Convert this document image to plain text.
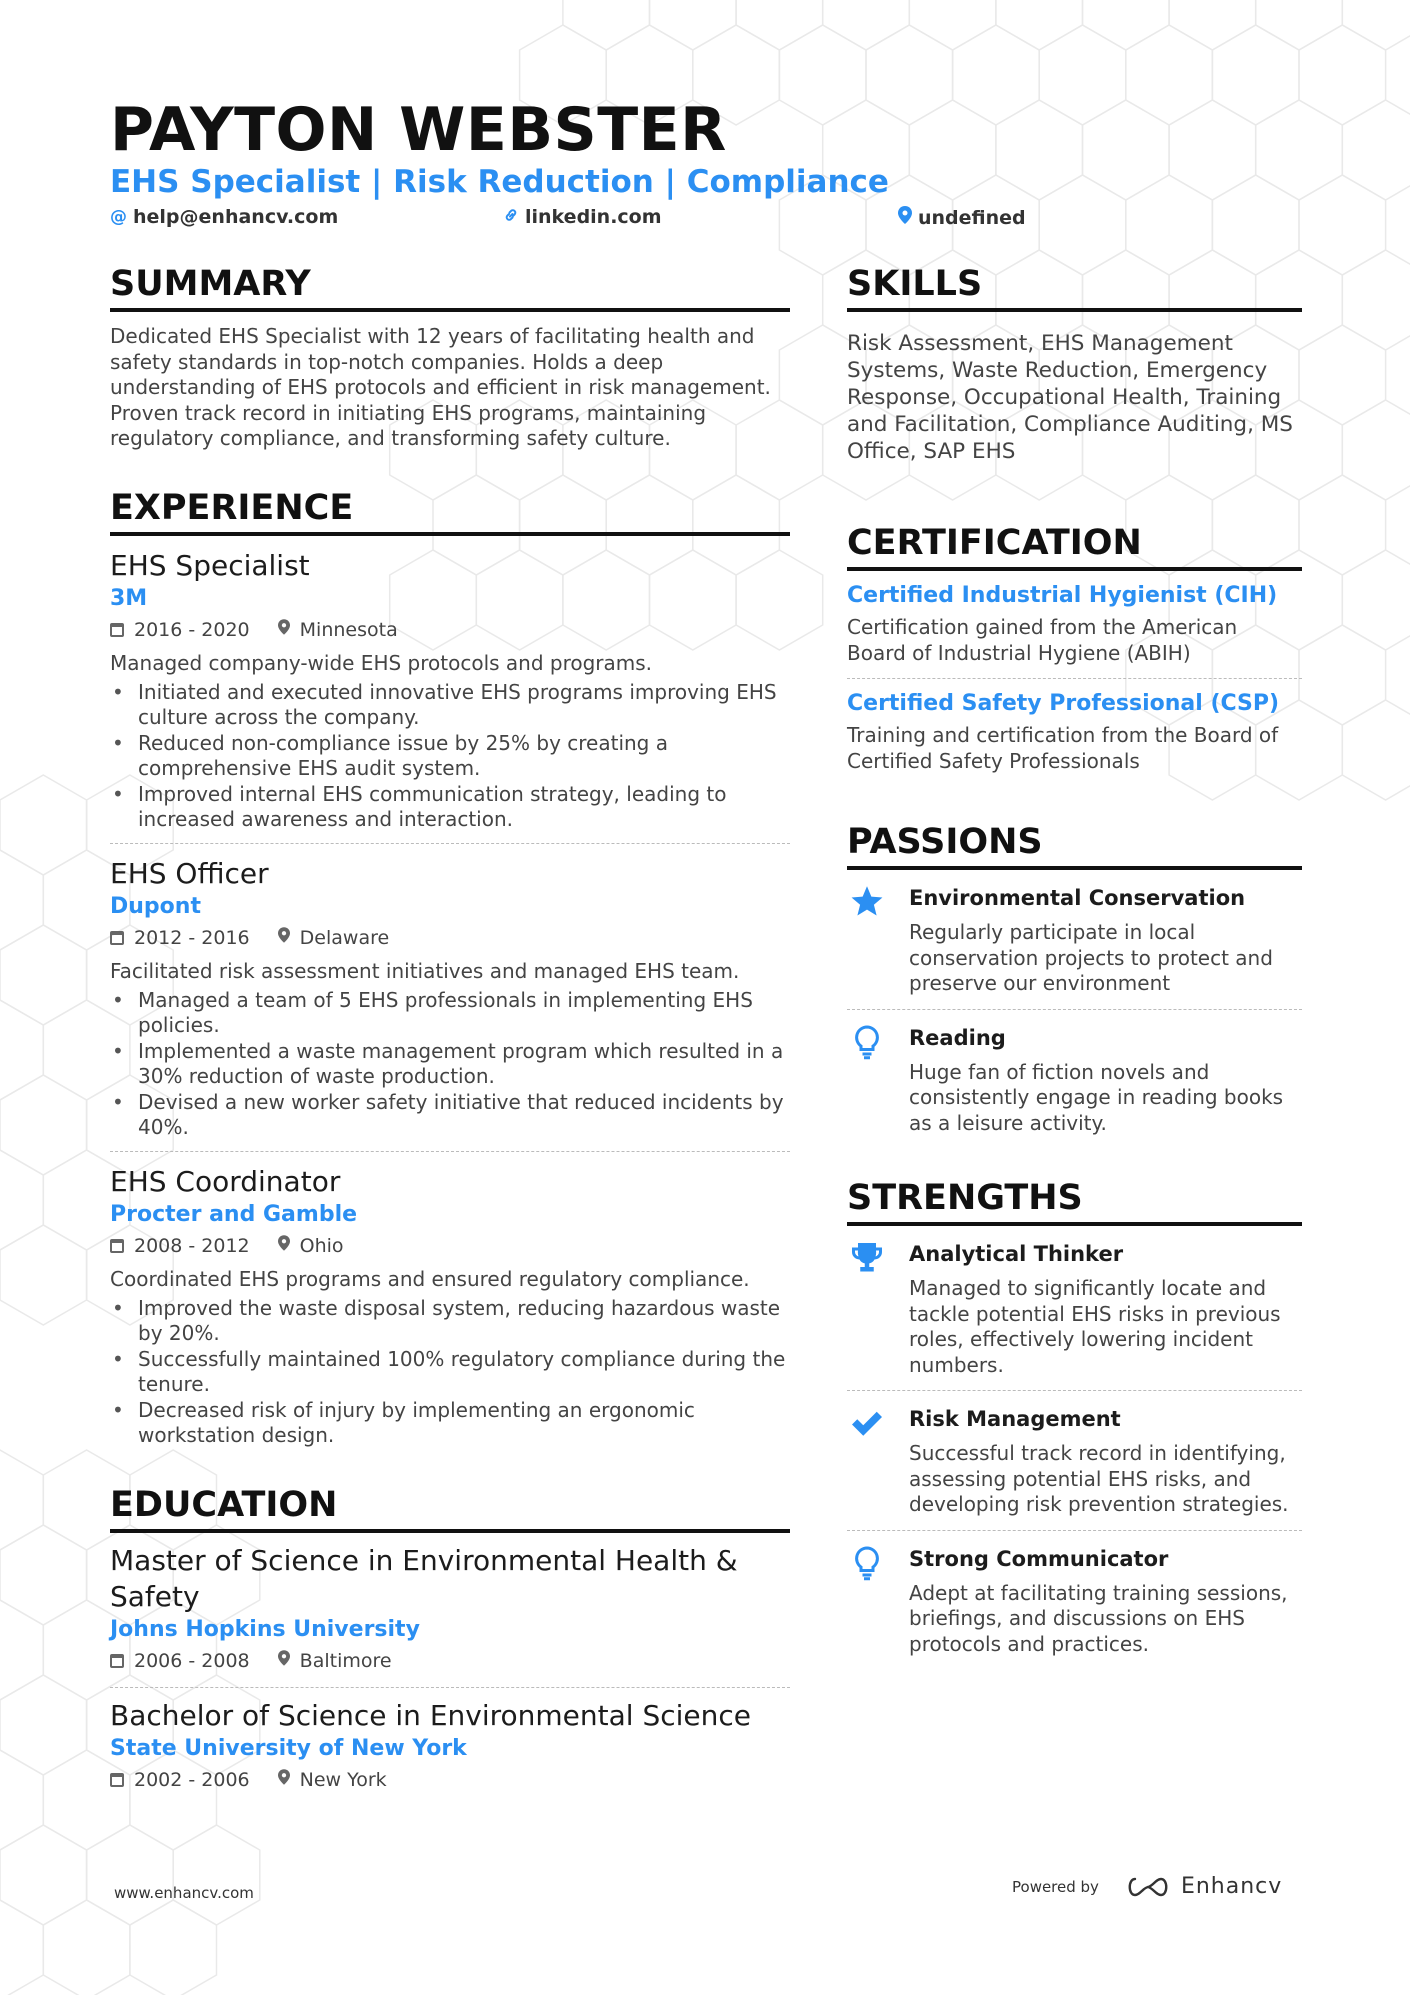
PAYTON WEBSTER
EHS Specialist | Risk Reduction | Compliance
@ help@enhancv.com	linkedin.com	undefined
SUMMARY
Dedicated EHS Specialist with 12 years of facilitating health and safety standards in top-notch companies. Holds a deep understanding of EHS protocols and efficient in risk management. Proven track record in initiating EHS programs, maintaining regulatory compliance, and transforming safety culture.
EXPERIENCE
EHS Specialist
3M
2016 - 2020	Minnesota
Managed company-wide EHS protocols and programs.
• Initiated and executed innovative EHS programs improving EHS culture across the company.
• Reduced non-compliance issue by 25% by creating a comprehensive EHS audit system.
• Improved internal EHS communication strategy, leading to increased awareness and interaction.
EHS Officer
Dupont
2012 - 2016	Delaware
Facilitated risk assessment initiatives and managed EHS team.
• Managed a team of 5 EHS professionals in implementing EHS policies.
• Implemented a waste management program which resulted in a 30% reduction of waste production.
• Devised a new worker safety initiative that reduced incidents by 40%.
EHS Coordinator
Procter and Gamble
2008 - 2012	Ohio
Coordinated EHS programs and ensured regulatory compliance.
• Improved the waste disposal system, reducing hazardous waste by 20%.
• Successfully maintained 100% regulatory compliance during the tenure.
• Decreased risk of injury by implementing an ergonomic workstation design.
EDUCATION
Master of Science in Environmental Health & Safety
Johns Hopkins University
2006 - 2008	Baltimore
Bachelor of Science in Environmental Science
State University of New York
2002 - 2006	New York
SKILLS
Risk Assessment, EHS Management Systems, Waste Reduction, Emergency Response, Occupational Health, Training and Facilitation, Compliance Auditing, MS Office, SAP EHS
CERTIFICATION
Certified Industrial Hygienist (CIH)
Certification gained from the American Board of Industrial Hygiene (ABIH)
Certified Safety Professional (CSP)
Training and certification from the Board of Certified Safety Professionals
PASSIONS
Environmental Conservation
Regularly participate in local conservation projects to protect and preserve our environment
Reading
Huge fan of fiction novels and consistently engage in reading books as a leisure activity.
STRENGTHS
Analytical Thinker
Managed to significantly locate and tackle potential EHS risks in previous roles, effectively lowering incident numbers.
Risk Management
Successful track record in identifying, assessing potential EHS risks, and developing risk prevention strategies.
Strong Communicator
Adept at facilitating training sessions, briefings, and discussions on EHS protocols and practices.
www.enhancv.com	Powered by	Enhancv
